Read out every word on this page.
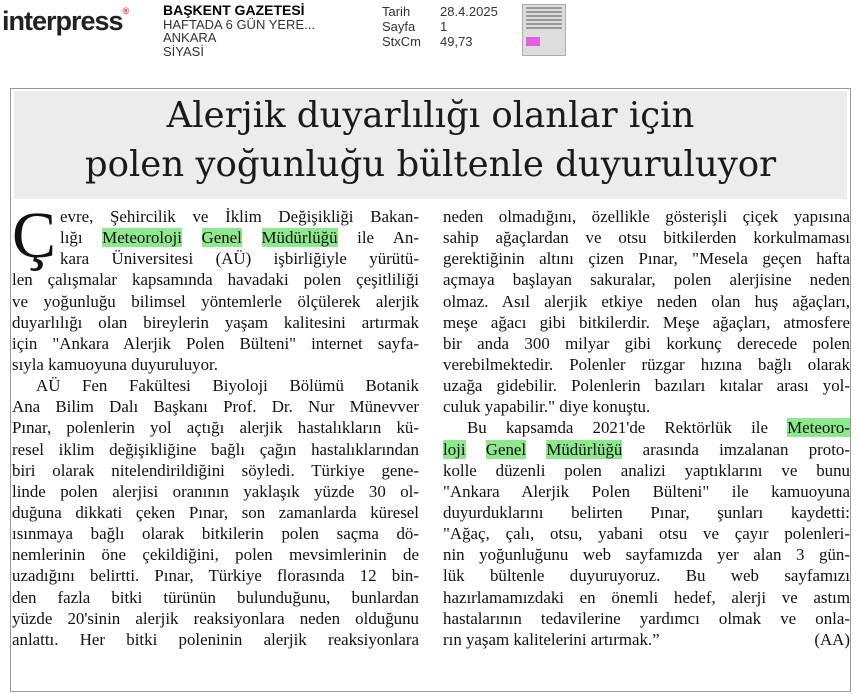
interpress® BAŞKENT GAZETESİ
HAFTADA 6 GÜN YERE...
ANKARA
SİYASİ
Tarih	28.4.2025
Sayfa	1
StxCm	49,73
Alerjik duyarlılığı olanlar için
polen yoğunluğu bültenle duyuruluyor
Ç evre, Şehircilik ve İklim Değişikliği Bakan-
lığı Meteoroloji Genel Müdürlüğü ile An-
kara Üniversitesi (AÜ) işbirliğiyle yürütü-
len çalışmalar kapsamında havadaki polen çeşitliliği
ve yoğunluğu bilimsel yöntemlerle ölçülerek alerjik
duyarlılığı olan bireylerin yaşam kalitesini artırmak
için "Ankara Alerjik Polen Bülteni" internet sayfa-
sıyla kamuoyuna duyuruluyor.
AÜ Fen Fakültesi Biyoloji Bölümü Botanik
Ana Bilim Dalı Başkanı Prof. Dr. Nur Münevver
Pınar, polenlerin yol açtığı alerjik hastalıkların kü-
resel iklim değişikliğine bağlı çağın hastalıklarından
biri olarak nitelendirildiğini söyledi. Türkiye gene-
linde polen alerjisi oranının yaklaşık yüzde 30 ol-
duğuna dikkati çeken Pınar, son zamanlarda küresel
ısınmaya bağlı olarak bitkilerin polen saçma dö-
nemlerinin öne çekildiğini, polen mevsimlerinin de
uzadığını belirtti. Pınar, Türkiye florasında 12 bin-
den fazla bitki türünün bulunduğunu, bunlardan
yüzde 20'sinin alerjik reaksiyonlara neden olduğunu
anlattı. Her bitki poleninin alerjik reaksiyonlara
neden olmadığını, özellikle gösterişli çiçek yapısına
sahip ağaçlardan ve otsu bitkilerden korkulmaması
gerektiğinin altını çizen Pınar, "Mesela geçen hafta
açmaya başlayan sakuralar, polen alerjisine neden
olmaz. Asıl alerjik etkiye neden olan huş ağaçları,
meşe ağacı gibi bitkilerdir. Meşe ağaçları, atmosfere
bir anda 300 milyar gibi korkunç derecede polen
verebilmektedir. Polenler rüzgar hızına bağlı olarak
uzağa gidebilir. Polenlerin bazıları kıtalar arası yol-
culuk yapabilir." diye konuştu.
Bu kapsamda 2021'de Rektörlük ile Meteoro-
loji Genel Müdürlüğü arasında imzalanan proto-
kolle düzenli polen analizi yaptıklarını ve bunu
"Ankara Alerjik Polen Bülteni" ile kamuoyuna
duyurduklarını belirten Pınar, şunları kaydetti:
"Ağaç, çalı, otsu, yabani otsu ve çayır polenleri-
nin yoğunluğunu web sayfamızda yer alan 3 gün-
lük bültenle duyuruyoruz. Bu web sayfamızı
hazırlamamızdaki en önemli hedef, alerji ve astım
hastalarının tedavilerine yardımcı olmak ve onla-
rın yaşam kalitelerini artırmak.”	(AA)
